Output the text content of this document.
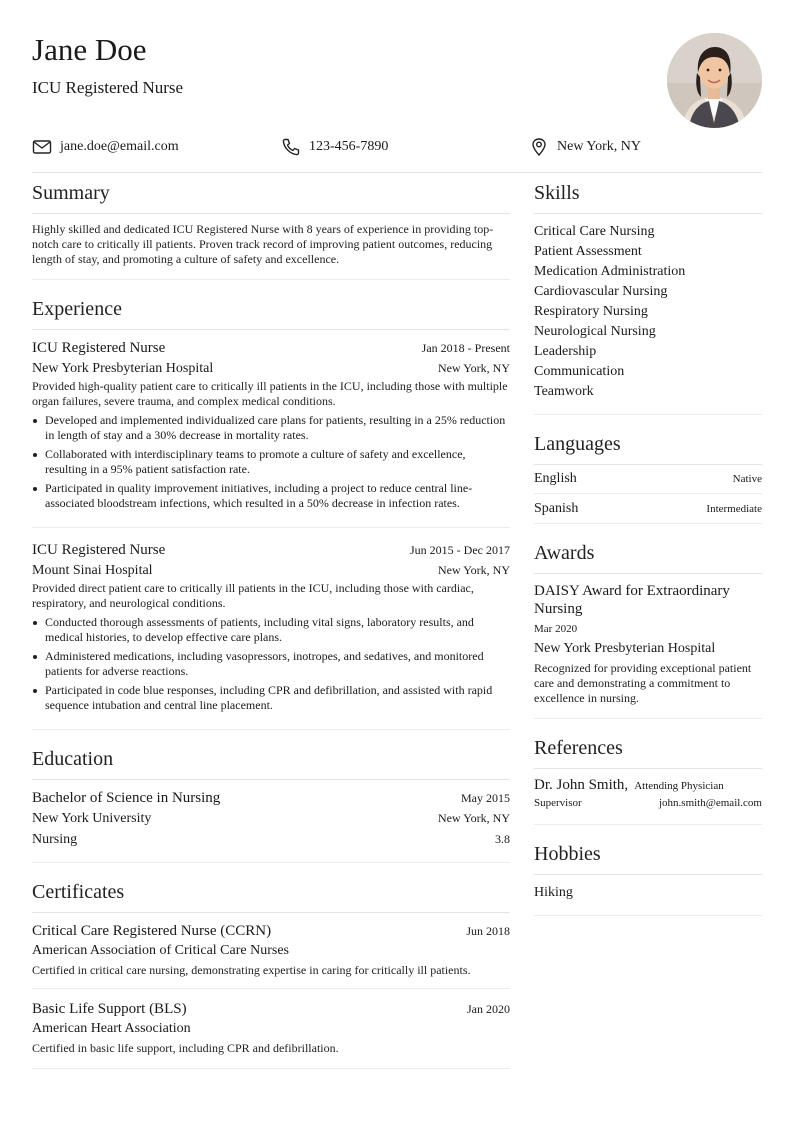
Jane Doe
ICU Registered Nurse
jane.doe@email.com	123-456-7890	New York, NY
Summary
Highly skilled and dedicated ICU Registered Nurse with 8 years of experience in providing top-notch care to critically ill patients. Proven track record of improving patient outcomes, reducing length of stay, and promoting a culture of safety and excellence.
Experience
ICU Registered Nurse	Jan 2018 - Present
New York Presbyterian Hospital	New York, NY
Provided high-quality patient care to critically ill patients in the ICU, including those with multiple organ failures, severe trauma, and complex medical conditions.
Developed and implemented individualized care plans for patients, resulting in a 25% reduction in length of stay and a 30% decrease in mortality rates.
Collaborated with interdisciplinary teams to promote a culture of safety and excellence, resulting in a 95% patient satisfaction rate.
Participated in quality improvement initiatives, including a project to reduce central line-associated bloodstream infections, which resulted in a 50% decrease in infection rates.
ICU Registered Nurse	Jun 2015 - Dec 2017
Mount Sinai Hospital	New York, NY
Provided direct patient care to critically ill patients in the ICU, including those with cardiac, respiratory, and neurological conditions.
Conducted thorough assessments of patients, including vital signs, laboratory results, and medical histories, to develop effective care plans.
Administered medications, including vasopressors, inotropes, and sedatives, and monitored patients for adverse reactions.
Participated in code blue responses, including CPR and defibrillation, and assisted with rapid sequence intubation and central line placement.
Education
Bachelor of Science in Nursing	May 2015
New York University	New York, NY
Nursing	3.8
Certificates
Critical Care Registered Nurse (CCRN)	Jun 2018
American Association of Critical Care Nurses
Certified in critical care nursing, demonstrating expertise in caring for critically ill patients.
Basic Life Support (BLS)	Jan 2020
American Heart Association
Certified in basic life support, including CPR and defibrillation.
Skills
Critical Care Nursing
Patient Assessment
Medication Administration
Cardiovascular Nursing
Respiratory Nursing
Neurological Nursing
Leadership
Communication
Teamwork
Languages
English	Native
Spanish	Intermediate
Awards
DAISY Award for Extraordinary Nursing
Mar 2020
New York Presbyterian Hospital
Recognized for providing exceptional patient care and demonstrating a commitment to excellence in nursing.
References
Dr. John Smith, Attending Physician
Supervisor	john.smith@email.com
Hobbies
Hiking
